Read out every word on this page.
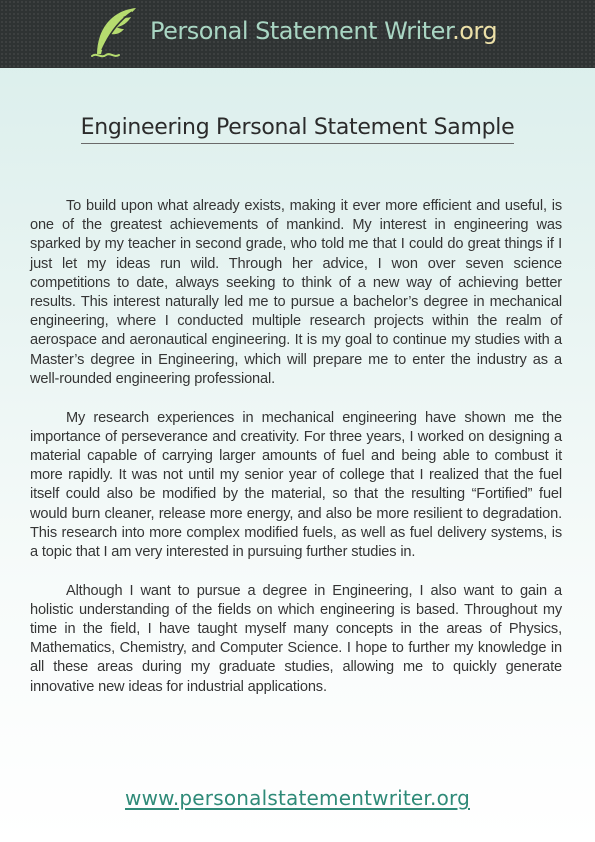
Personal Statement Writer.org
Engineering Personal Statement Sample

To build upon what already exists, making it ever more efficient and useful, is one of the greatest achievements of mankind. My interest in engineering was sparked by my teacher in second grade, who told me that I could do great things if I just let my ideas run wild. Through her advice, I won over seven science competitions to date, always seeking to think of a new way of achieving better results. This interest naturally led me to pursue a bachelor’s degree in mechanical engineering, where I conducted multiple research projects within the realm of aerospace and aeronautical engineering. It is my goal to continue my studies with a Master’s degree in Engineering, which will prepare me to enter the industry as a well-rounded engineering professional.

My research experiences in mechanical engineering have shown me the importance of perseverance and creativity. For three years, I worked on designing a material capable of carrying larger amounts of fuel and being able to combust it more rapidly. It was not until my senior year of college that I realized that the fuel itself could also be modified by the material, so that the resulting “Fortified” fuel would burn cleaner, release more energy, and also be more resilient to degradation. This research into more complex modified fuels, as well as fuel delivery systems, is a topic that I am very interested in pursuing further studies in.

Although I want to pursue a degree in Engineering, I also want to gain a holistic understanding of the fields on which engineering is based. Throughout my time in the field, I have taught myself many concepts in the areas of Physics, Mathematics, Chemistry, and Computer Science. I hope to further my knowledge in all these areas during my graduate studies, allowing me to quickly generate innovative new ideas for industrial applications.

www.personalstatementwriter.org
